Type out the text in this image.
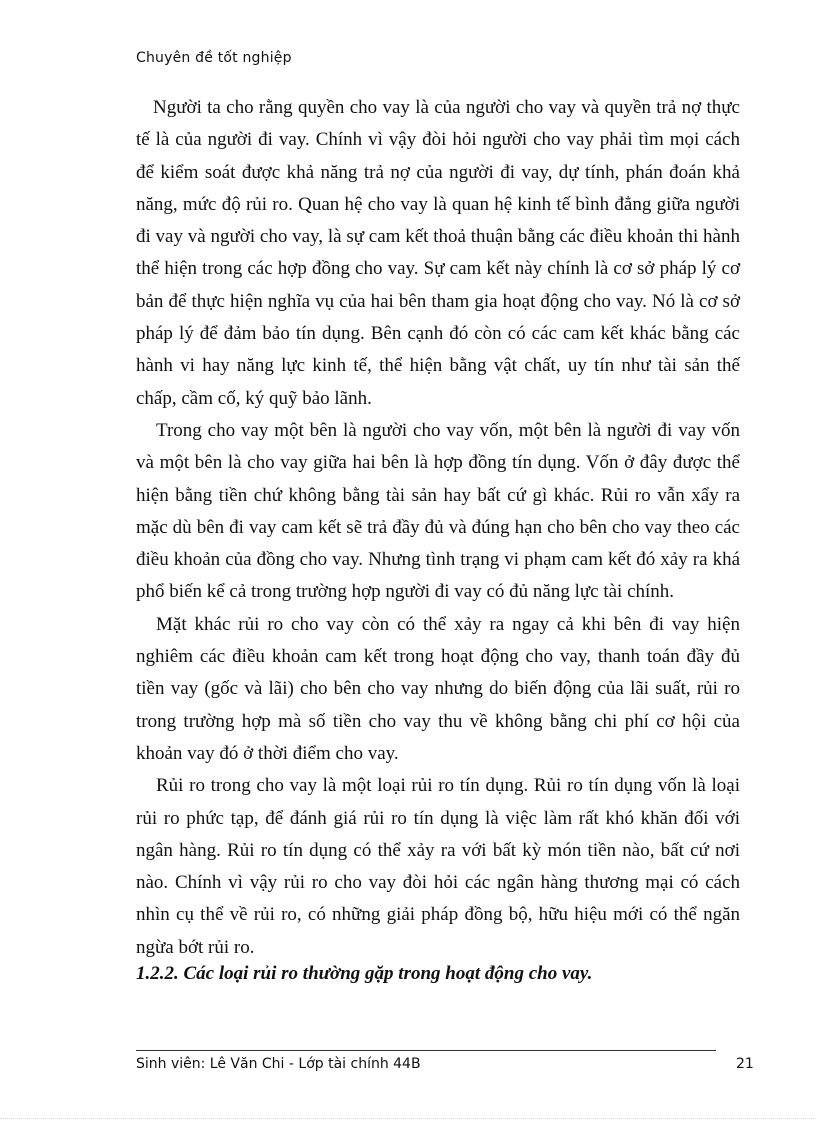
Chuyên đề tốt nghiệp

Người ta cho rằng quyền cho vay là của người cho vay và quyền trả nợ thực tế là của người đi vay. Chính vì vậy đòi hỏi người cho vay phải tìm mọi cách để kiểm soát được khả năng trả nợ của người đi vay, dự tính, phán đoán khả năng, mức độ rủi ro. Quan hệ cho vay là quan hệ kinh tế bình đẳng giữa người đi vay và người cho vay, là sự cam kết thoả thuận bằng các điều khoản thi hành thể hiện trong các hợp đồng cho vay. Sự cam kết này chính là cơ sở pháp lý cơ bản để thực hiện nghĩa vụ của hai bên tham gia hoạt động cho vay. Nó là cơ sở pháp lý để đảm bảo tín dụng. Bên cạnh đó còn có các cam kết khác bằng các hành vi hay năng lực kinh tế, thể hiện bằng vật chất, uy tín như tài sản thế chấp, cầm cố, ký quỹ bảo lãnh.

Trong cho vay một bên là người cho vay vốn, một bên là người đi vay vốn và một bên là cho vay giữa hai bên là hợp đồng tín dụng. Vốn ở đây được thể hiện bằng tiền chứ không bằng tài sản hay bất cứ gì khác. Rủi ro vẫn xẩy ra mặc dù bên đi vay cam kết sẽ trả đầy đủ và đúng hạn cho bên cho vay theo các điều khoản của đồng cho vay. Nhưng tình trạng vi phạm cam kết đó xảy ra khá phổ biến kể cả trong trường hợp người đi vay có đủ năng lực tài chính.

Mặt khác rủi ro cho vay còn có thể xảy ra ngay cả khi bên đi vay hiện nghiêm các điều khoản cam kết trong hoạt động cho vay, thanh toán đầy đủ tiền vay (gốc và lãi) cho bên cho vay nhưng do biến động của lãi suất, rủi ro trong trường hợp mà số tiền cho vay thu về không bằng chi phí cơ hội của khoản vay đó ở thời điểm cho vay.

Rủi ro trong cho vay là một loại rủi ro tín dụng. Rủi ro tín dụng vốn là loại rủi ro phức tạp, để đánh giá rủi ro tín dụng là việc làm rất khó khăn đối với ngân hàng. Rủi ro tín dụng có thể xảy ra với bất kỳ món tiền nào, bất cứ nơi nào. Chính vì vậy rủi ro cho vay đòi hỏi các ngân hàng thương mại có cách nhìn cụ thể về rủi ro, có những giải pháp đồng bộ, hữu hiệu mới có thể ngăn ngừa bớt rủi ro.

1.2.2. Các loại rủi ro thường gặp trong hoạt động cho vay.
Sinh viên: Lê Văn Chi - Lớp tài chính 44B	21
